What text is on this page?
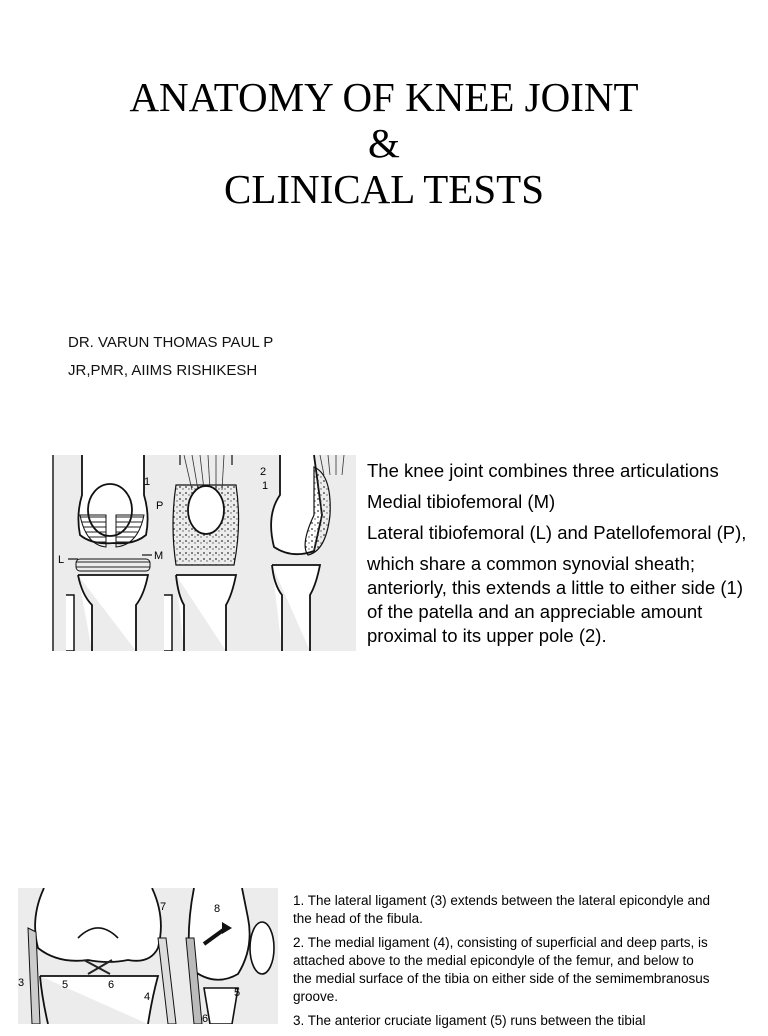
ANATOMY OF KNEE JOINT
&
CLINICAL TESTS
DR. VARUN THOMAS PAUL P
JR,PMR, AIIMS RISHIKESH
2
1
P
1
L	M

The knee joint combines three articulations

Medial tibiofemoral (M)

Lateral tibiofemoral (L) and Patellofemoral (P),

which share a common synovial sheath; anteriorly, this extends a little to either side (1) of the patella and an appreciable amount proximal to its upper pole (2).

7	8
3	5	6
4	5
6

1. The lateral ligament (3) extends between the lateral epicondyle and the head of the fibula.

2. The medial ligament (4), consisting of superficial and deep parts, is attached above to the medial epicondyle of the femur, and below to the medial surface of the tibia on either side of the semimembranosus groove.

3. The anterior cruciate ligament (5) runs between the tibial
